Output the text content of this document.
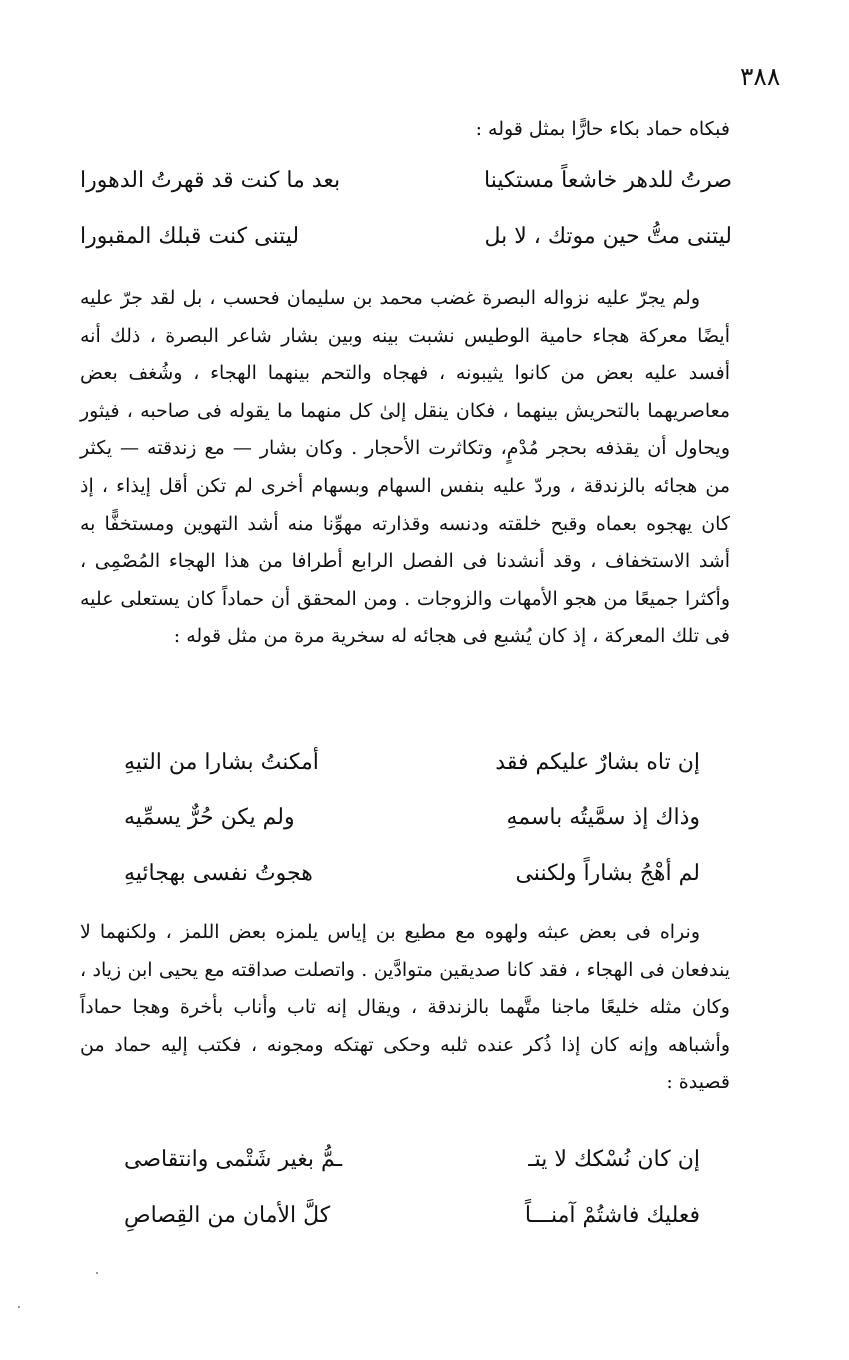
٣٨٨

فبكاه حماد بكاء حارًّا بمثل قوله :

صرتُ للدهر خاشعاً مستكينا
بعد ما كنت قد قهرتُ الدهورا
ليتنى متُّ حين موتك ، لا بل
ليتنى كنت قبلك المقبورا

ولم يجرّ عليه نزواله البصرة غضب محمد بن سليمان فحسب ، بل لقد جرّ عليه أيضًا معركة هجاء حامية الوطيس نشبت بينه وبين بشار شاعر البصرة ، ذلك أنه أفسد عليه بعض من كانوا يثيبونه ، فهجاه والتحم بينهما الهجاء ، وشُغف بعض معاصريهما بالتحريش بينهما ، فكان ينقل إلىٰ كل منهما ما يقوله فى صاحبه ، فيثور ويحاول أن يقذفه بحجر مُدْمٍ، وتكاثرت الأحجار . وكان بشار — مع زندقته — يكثر من هجائه بالزندقة ، وردّ عليه بنفس السهام وبسهام أخرى لم تكن أقل إيذاء ، إذ كان يهجوه بعماه وقبح خلقته ودنسه وقذارته مهوِّنا منه أشد التهوين ومستخفًّا به أشد الاستخفاف ، وقد أنشدنا فى الفصل الرابع أطرافا من هذا الهجاء المُصْمِى ، وأكثرا جميعًا من هجو الأمهات والزوجات . ومن المحقق أن حماداً كان يستعلى عليه فى تلك المعركة ، إذ كان يُشبع فى هجائه له سخرية مرة من مثل قوله :

إن تاه بشارٌ عليكم فقد
أمكنتُ بشارا من التيهِ
وذاك إذ سمَّيتُه باسمهِ
ولم يكن حُرٌّ يسمِّيه
لم أهْجُ بشاراً ولكننى
هجوتُ نفسى بهجائيهِ

ونراه فى بعض عبثه ولهوه مع مطيع بن إياس يلمزه بعض اللمز ، ولكنهما لا يندفعان فى الهجاء ، فقد كانا صديقين متوادَّين . واتصلت صداقته مع يحيى ابن زياد ، وكان مثله خليعًا ماجنا متَّهما بالزندقة ، ويقال إنه تاب وأناب بأخرة وهجا حماداً وأشباهه وإنه كان إذا ذُكر عنده ثلبه وحكى تهتكه ومجونه ، فكتب إليه حماد من قصيدة :

إن كان نُسْكك لا يتـ
ـمُّ بغير شَتْمى وانتقاصى
فعليك فاشتُمْ آمنـــاً
كلَّ الأمان من القِصاصِ
